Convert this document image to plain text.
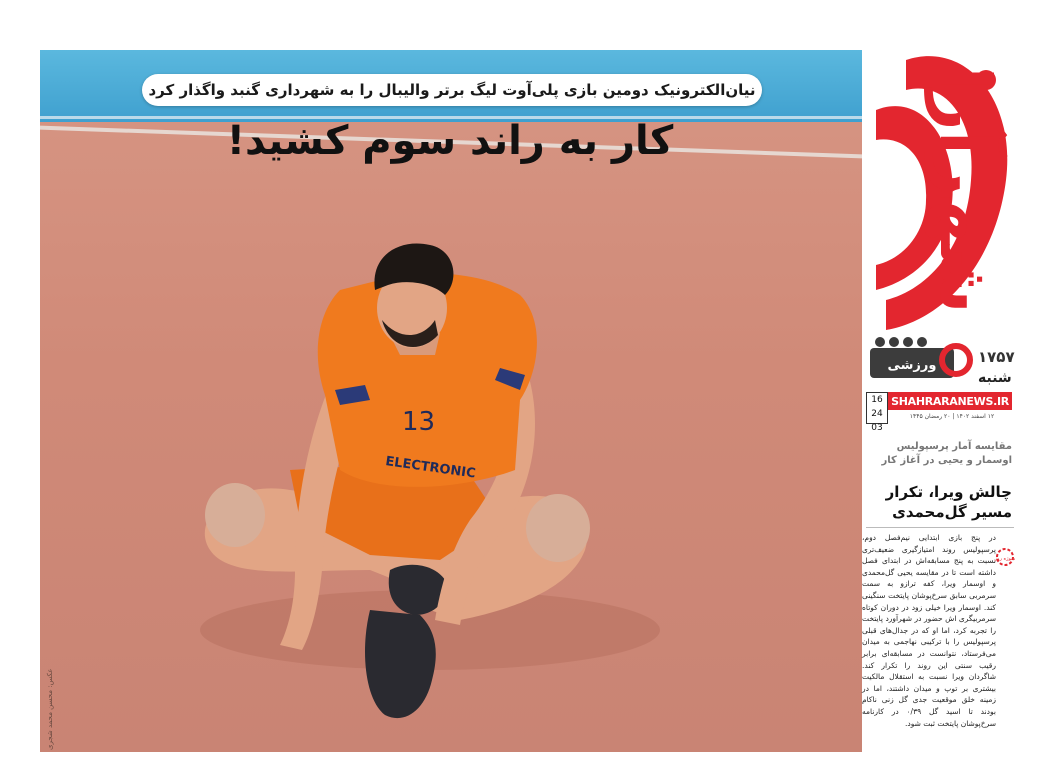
13
ELECTRONIC
نیان‌الکترونیک دومین بازی پلی‌آوت لیگ برتر والیبال را به شهرداری گنبد واگذار کرد
کار به راند سوم کشید!
عکس: محسن محمد شجری
شهرآرا
ورزشی	۱۷۵۷
شنبه
16
24 03
SHAHRARANEWS.IR
۱۲ اسفند ۱۴۰۲ | ۲۰ رمضان ۱۴۴۵
مقایسه آمار پرسپولیس اوسمار و یحیی در آغاز کار
چالش ویرا، تکرار مسیر گل‌محمدی
سوژه روز
در پنج بازی ابتدایی نیم‌فصل دوم، پرسپولیس روند امتیازگیری ضعیف‌تری نسبت به پنج مسابقه‌اش در ابتدای فصل داشته است تا در مقایسه یحیی گل‌محمدی و اوسمار ویرا، کفه ترازو به سمت سرمربی سابق سرخ‌پوشان پایتخت سنگینی کند. اوسمار ویرا خیلی زود در دوران کوتاه سرمربیگری اش حضور در شهرآورد پایتخت را تجربه کرد، اما او که در جدال‌های قبلی پرسپولیس را با ترکیبی نهاجمی به میدان می‌فرستاد، نتوانست در مسابقه‌ای برابر رقیب سنتی این روند را تکرار کند. شاگردان ویرا نسبت به استقلال مالکیت بیشتری بر توپ و میدان داشتند، اما در زمینه خلق موقعیت جدی گل زنی ناکام بودند تا اسید گل ۰/۳۹ در کارنامه سرخ‌پوشان پایتخت ثبت شود.
